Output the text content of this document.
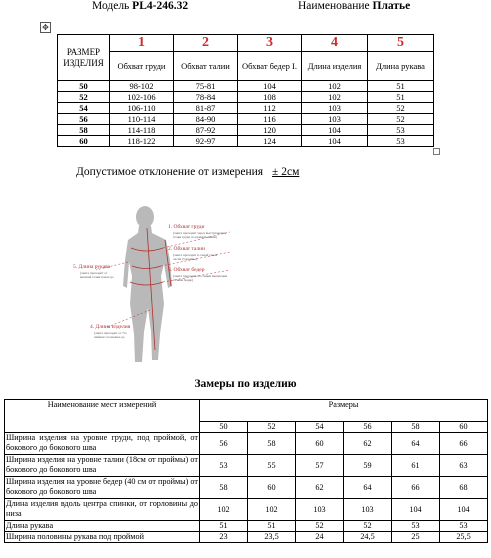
Модель PL4-246.32	Наименование Платье
✥
РАЗМЕР ИЗДЕЛИЯ	1	2	3	4	5
	Обхват груди	Обхват талии	Обхват бедер I.	Длина изделия	Длина рукава
50	98-102	75-81	104	102	51
52	102-106	78-84	108	102	51
54	106-110	81-87	112	103	52
56	110-114	84-90	116	103	52
58	114-118	87-92	120	104	53
60	118-122	92-97	124	104	53
Допустимое отклонение от измерения ± 2см
1. Обхват груди
(лента проходит через выступающие
точки груди по прямой линии)
2. Обхват талии
(лента проходит в самой узкой
части туловища)
3. Обхват бедер
(лента проходит по самым выпуклым
точкам бедер)
5. Длина рукава
(лента проходит от
высшей точки плеча до
4. Длина изделия
(лента проходит от 7го
шейного позвонка до
Замеры по изделию
Наименование мест измерений	Размеры					
	50	52	54	56	58	60
Ширина изделия на уровне груди, под проймой, от бокового до бокового шва	56	58	60	62	64	66
Ширина изделия на уровне талии (18см от проймы) от бокового до бокового шва	53	55	57	59	61	63
Ширина изделия на уровне бедер (40 см от проймы) от бокового до бокового шва	58	60	62	64	66	68
Длина изделия вдоль центра спинки, от горловины до низа	102	102	103	103	104	104
Длина рукава	51	51	52	52	53	53
Ширина половины рукава под проймой	23	23,5	24	24,5	25	25,5
